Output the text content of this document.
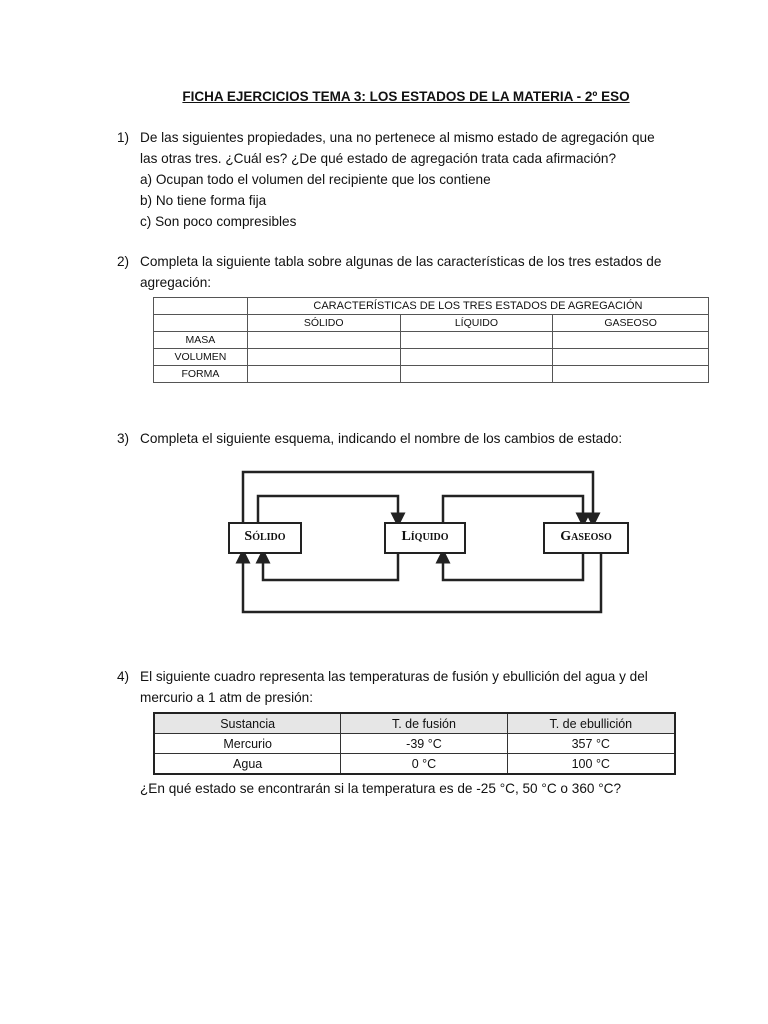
FICHA EJERCICIOS TEMA 3: LOS ESTADOS DE LA MATERIA - 2º ESO
1) De las siguientes propiedades, una no pertenece al mismo estado de agregación que
las otras tres. ¿Cuál es? ¿De qué estado de agregación trata cada afirmación?
a) Ocupan todo el volumen del recipiente que los contiene
b) No tiene forma fija
c) Son poco compresibles
2) Completa la siguiente tabla sobre algunas de las características de los tres estados de
agregación:
	CARACTERÍSTICAS DE LOS TRES ESTADOS DE AGREGACIÓN		
	SÓLIDO	LÍQUIDO	GASEOSO
MASA			
VOLUMEN			
FORMA			
3) Completa el siguiente esquema, indicando el nombre de los cambios de estado:
Sólido	Líquido	Gaseoso
4) El siguiente cuadro representa las temperaturas de fusión y ebullición del agua y del
mercurio a 1 atm de presión:
Sustancia	T. de fusión	T. de ebullición
Mercurio	-39 °C	357 °C
Agua	0 °C	100 °C
¿En qué estado se encontrarán si la temperatura es de -25 °C, 50 °C o 360 °C?
